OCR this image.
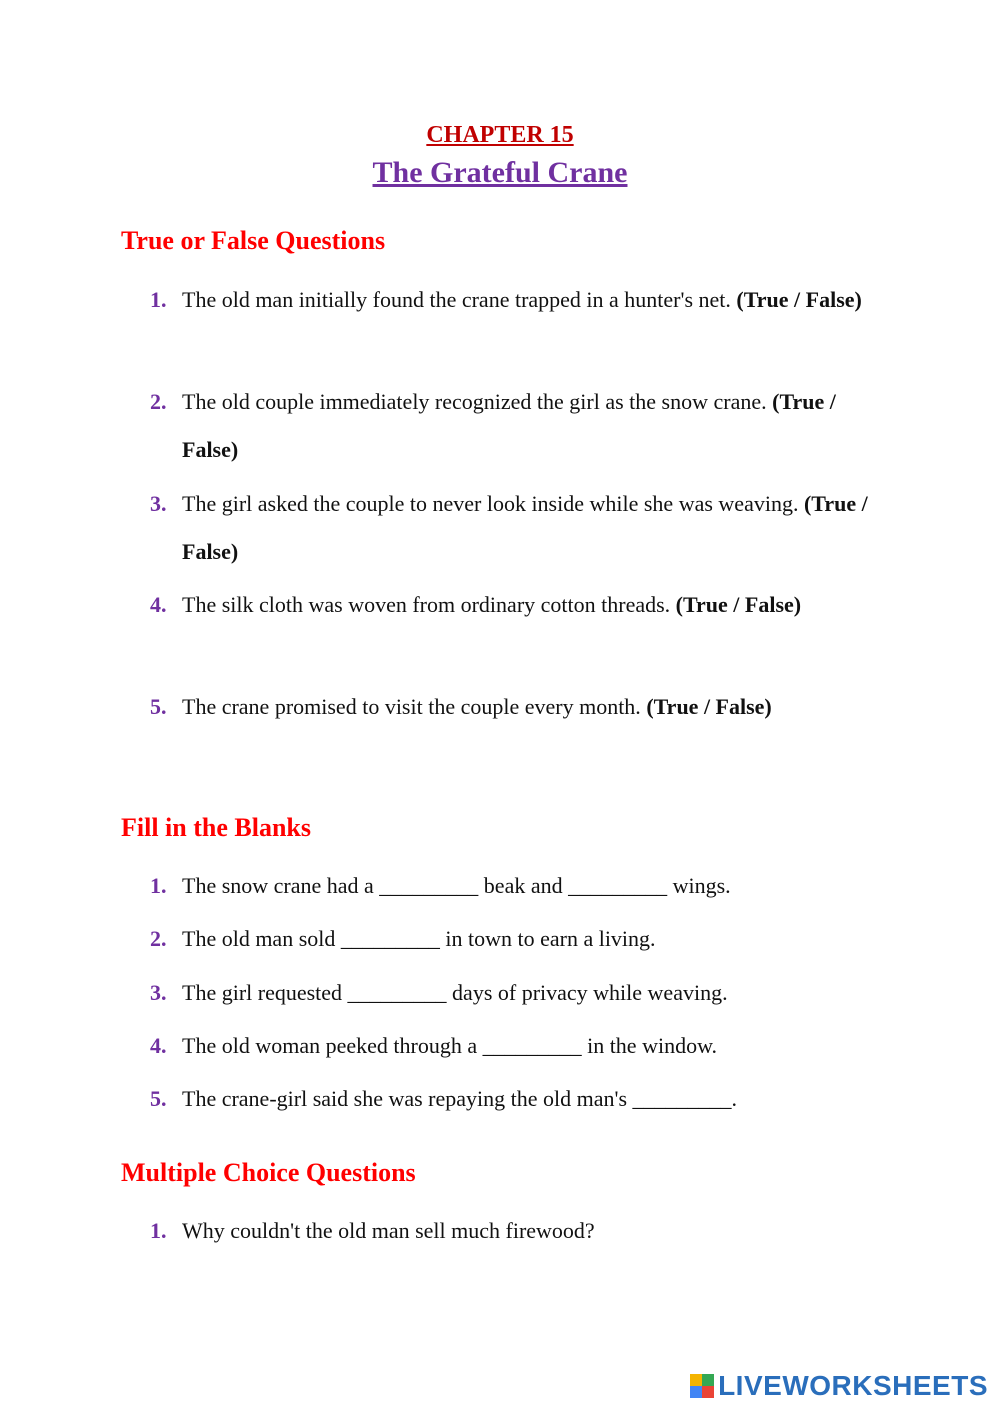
CHAPTER 15
The Grateful Crane
True or False Questions
1. The old man initially found the crane trapped in a hunter's net. (True / False)
2. The old couple immediately recognized the girl as the snow crane. (True / False)
3. The girl asked the couple to never look inside while she was weaving. (True / False)
4. The silk cloth was woven from ordinary cotton threads. (True / False)
5. The crane promised to visit the couple every month. (True / False)
Fill in the Blanks
1. The snow crane had a _________ beak and _________ wings.
2. The old man sold _________ in town to earn a living.
3. The girl requested _________ days of privacy while weaving.
4. The old woman peeked through a _________ in the window.
5. The crane-girl said she was repaying the old man's _________.
Multiple Choice Questions
1. Why couldn't the old man sell much firewood?
LIVEWORKSHEETS
